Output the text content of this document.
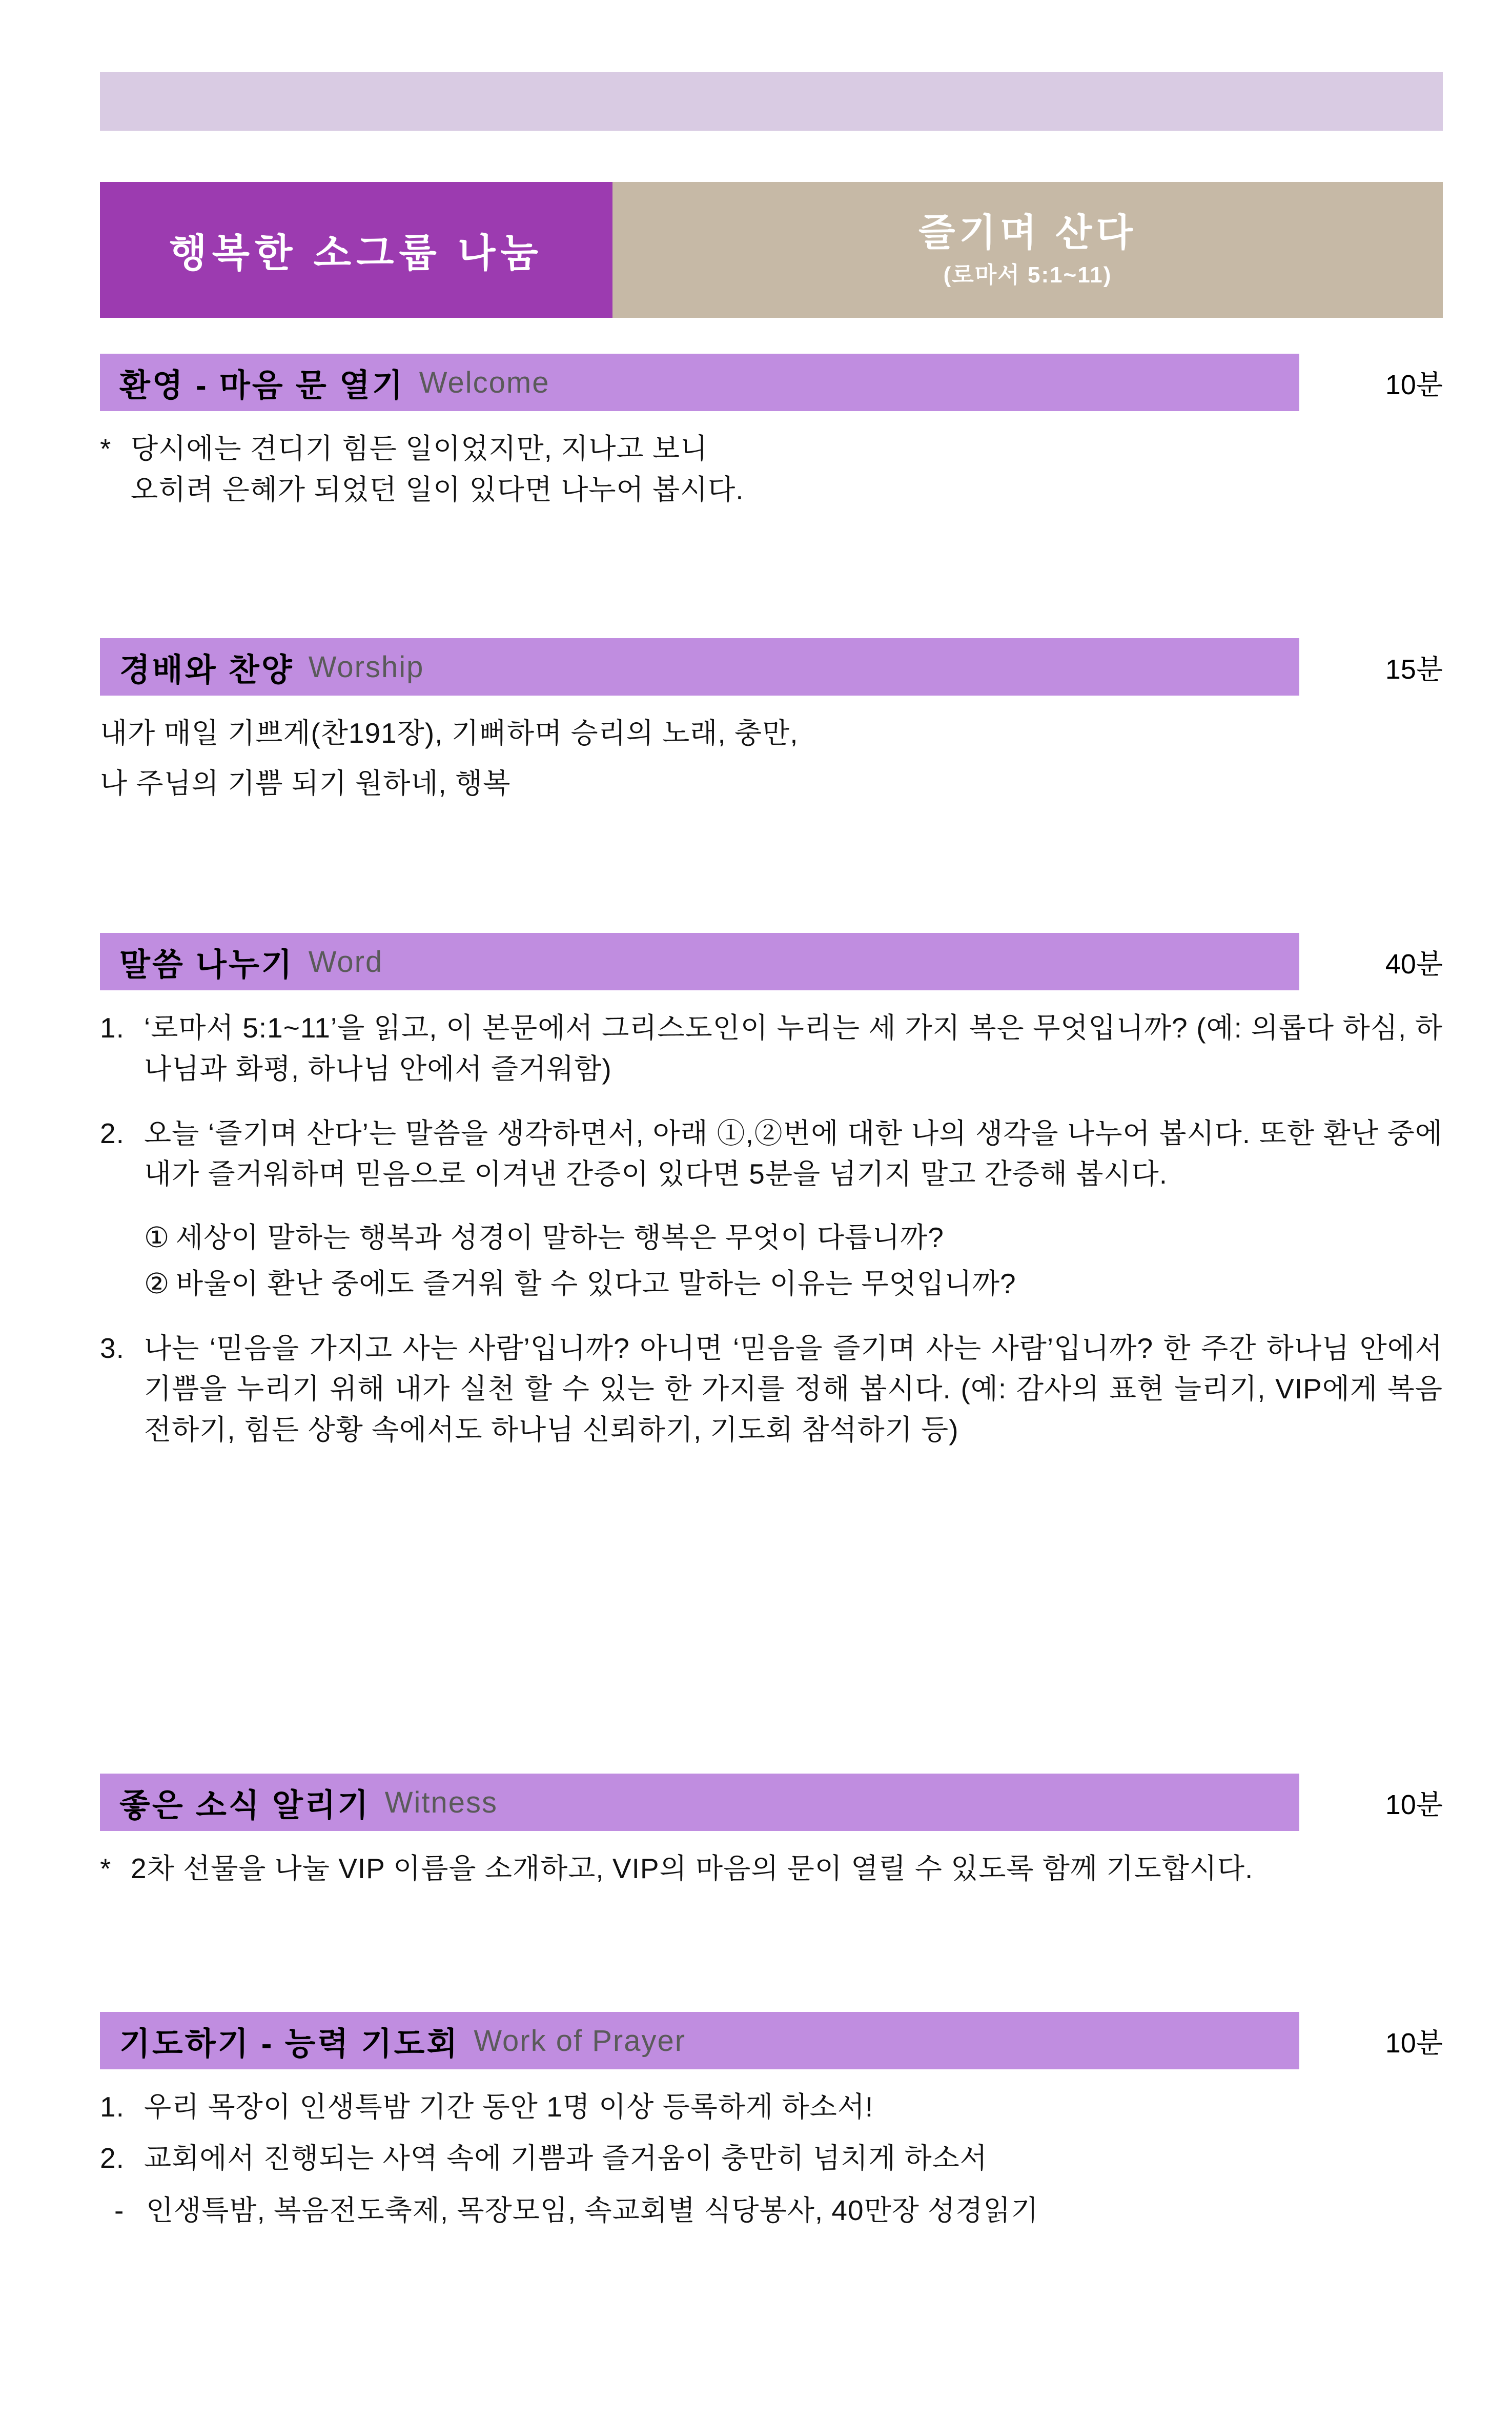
행복한 소그룹 나눔	즐기며 산다
(로마서 5:1~11)
환영 - 마음 문 열기 Welcome	10분
* 당시에는 견디기 힘든 일이었지만, 지나고 보니
오히려 은혜가 되었던 일이 있다면 나누어 봅시다.
경배와 찬양 Worship	15분
내가 매일 기쁘게(찬191장), 기뻐하며 승리의 노래, 충만,
나 주님의 기쁨 되기 원하네, 행복
말씀 나누기 Word	40분
1. ‘로마서 5:1~11’을 읽고, 이 본문에서 그리스도인이 누리는 세 가지 복은 무엇입니까? (예: 의롭다 하심, 하나님과 화평, 하나님 안에서 즐거워함)
2. 오늘 ‘즐기며 산다’는 말씀을 생각하면서, 아래 ①,②번에 대한 나의 생각을 나누어 봅시다. 또한 환난 중에 내가 즐거워하며 믿음으로 이겨낸 간증이 있다면 5분을 넘기지 말고 간증해 봅시다.
① 세상이 말하는 행복과 성경이 말하는 행복은 무엇이 다릅니까?
② 바울이 환난 중에도 즐거워 할 수 있다고 말하는 이유는 무엇입니까?
3. 나는 ‘믿음을 가지고 사는 사람’입니까? 아니면 ‘믿음을 즐기며 사는 사람’입니까? 한 주간 하나님 안에서 기쁨을 누리기 위해 내가 실천 할 수 있는 한 가지를 정해 봅시다. (예: 감사의 표현 늘리기, VIP에게 복음 전하기, 힘든 상황 속에서도 하나님 신뢰하기, 기도회 참석하기 등)
좋은 소식 알리기 Witness	10분
* 2차 선물을 나눌 VIP 이름을 소개하고, VIP의 마음의 문이 열릴 수 있도록 함께 기도합시다.
기도하기 - 능력 기도회 Work of Prayer	10분
1. 우리 목장이 인생특밤 기간 동안 1명 이상 등록하게 하소서!
2. 교회에서 진행되는 사역 속에 기쁨과 즐거움이 충만히 넘치게 하소서
- 인생특밤, 복음전도축제, 목장모임, 속교회별 식당봉사, 40만장 성경읽기
